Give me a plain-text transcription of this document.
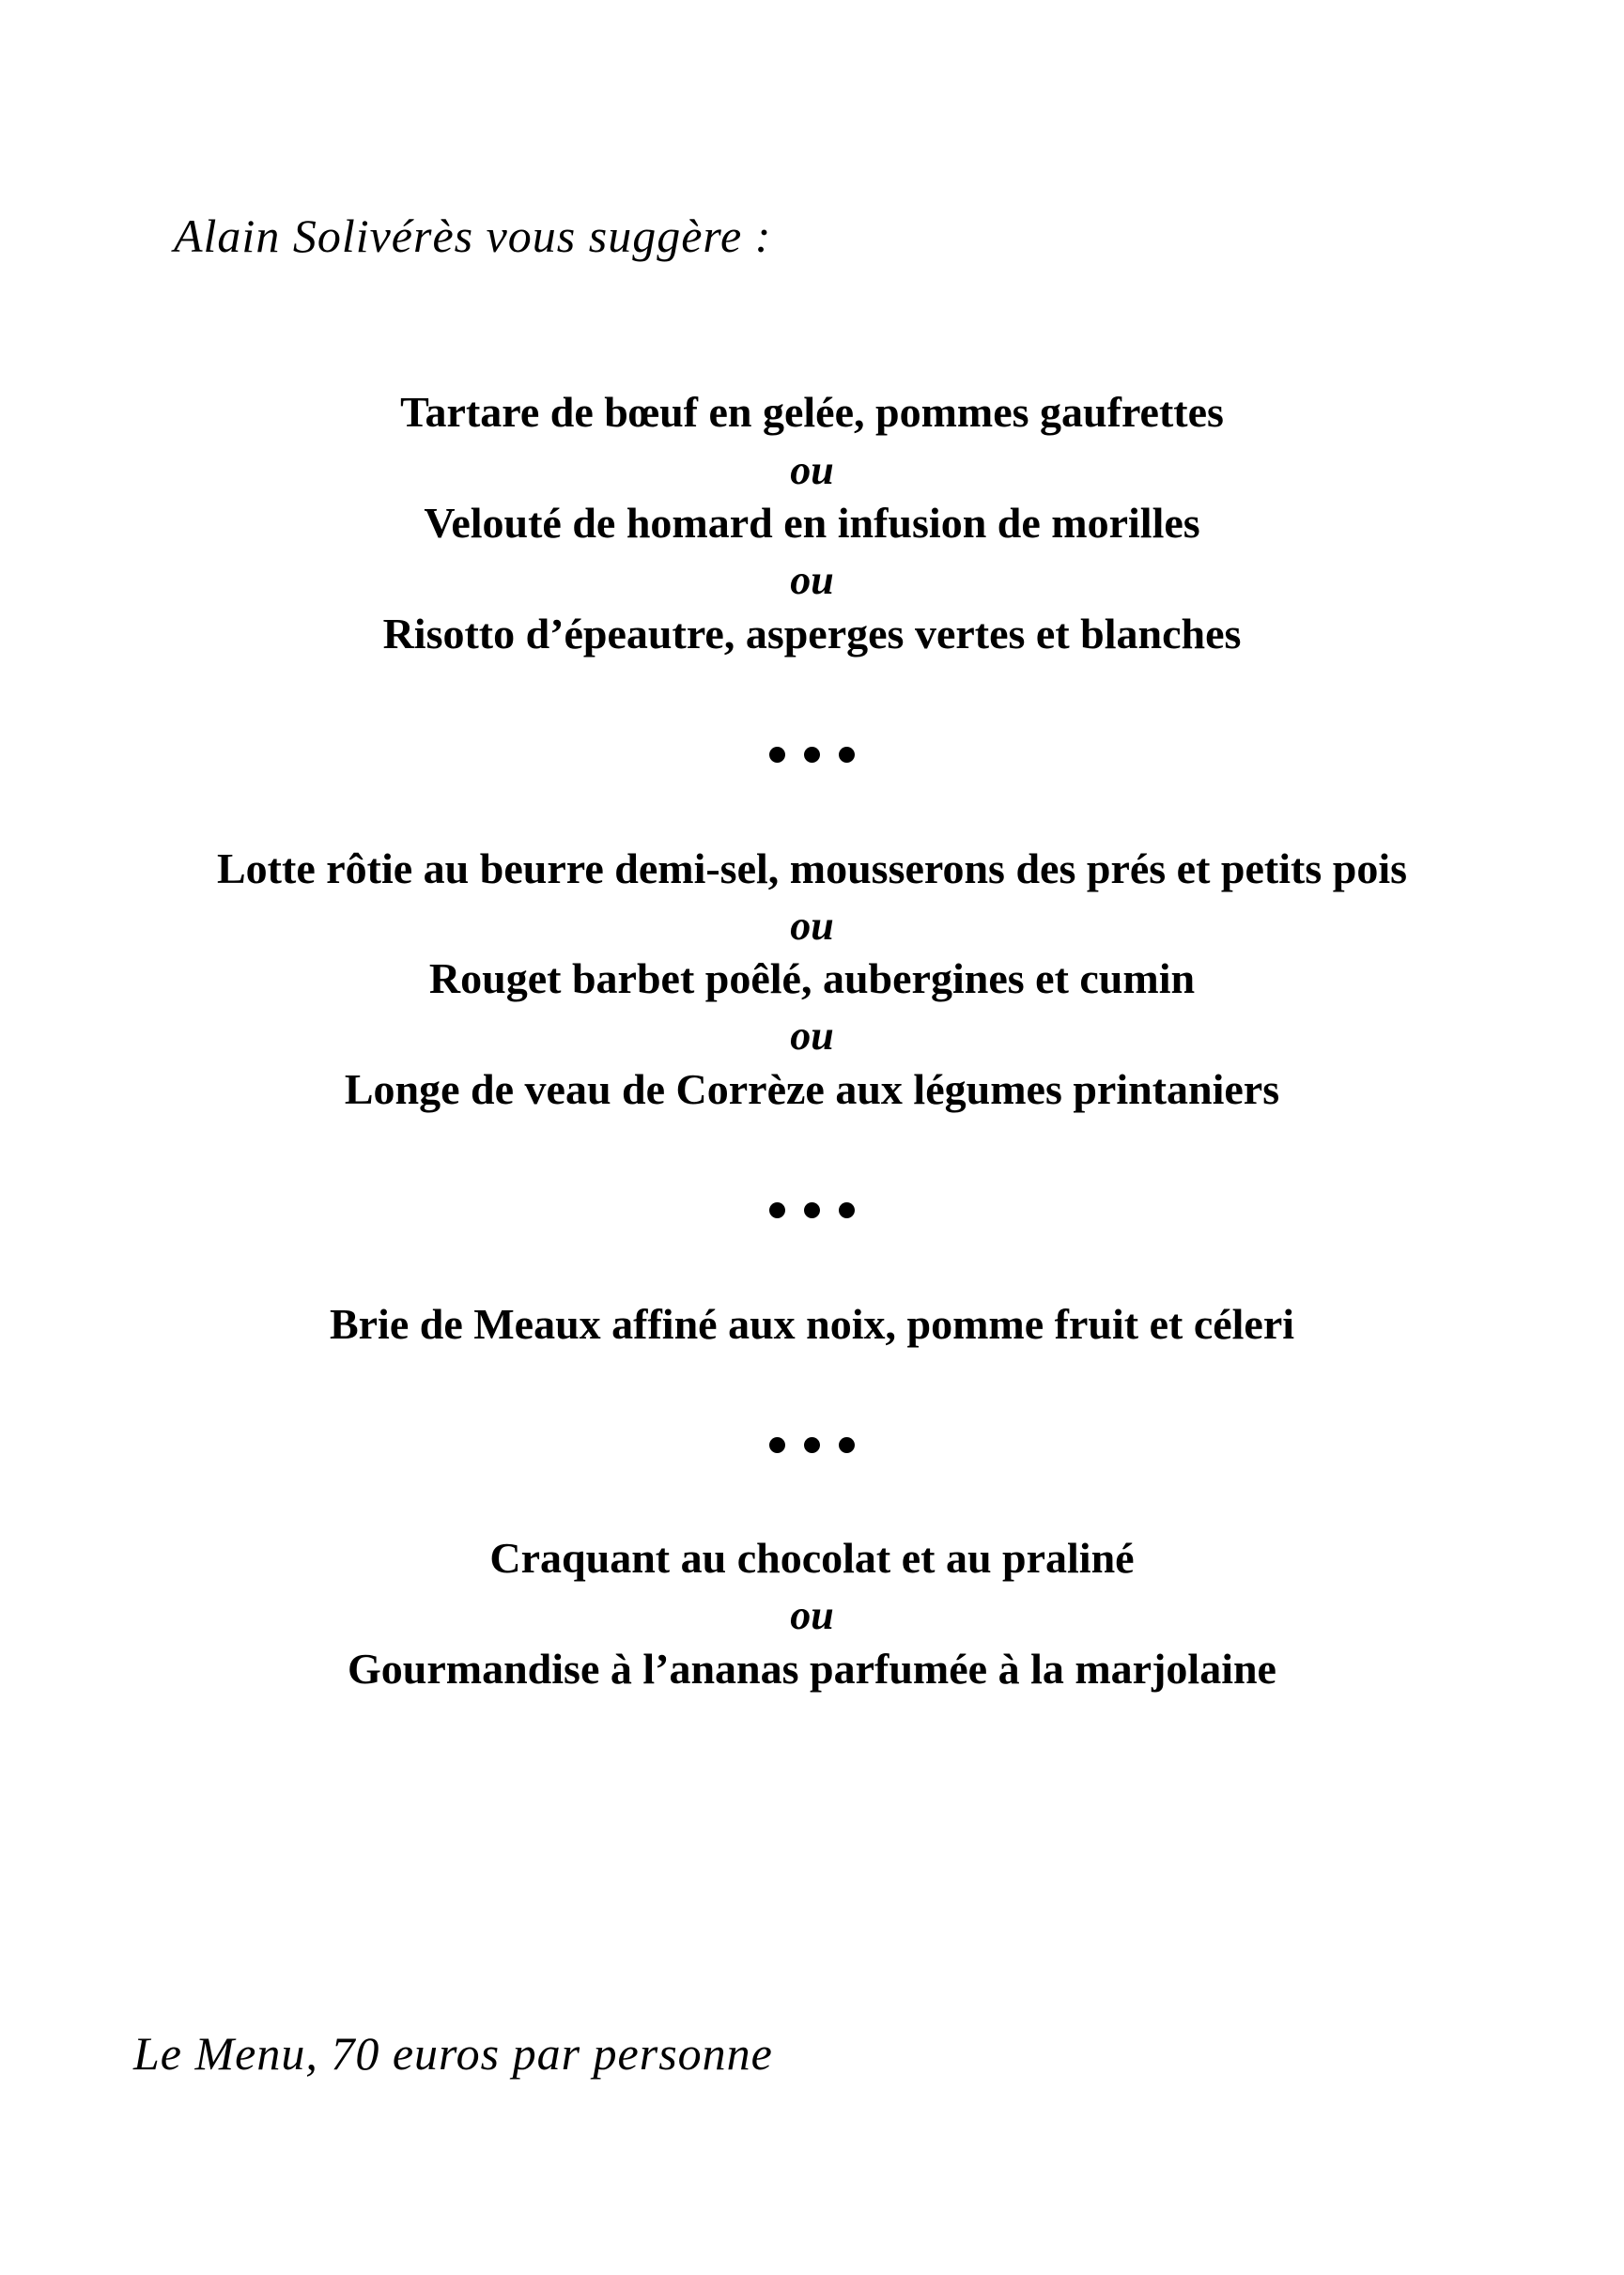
Alain Solivérès vous suggère :
Tartare de bœuf en gelée, pommes gaufrettes
ou
Velouté de homard en infusion de morilles
ou
Risotto d’épeautre, asperges vertes et blanches
Lotte rôtie au beurre demi-sel, mousserons des prés et petits pois
ou
Rouget barbet poêlé, aubergines et cumin
ou
Longe de veau de Corrèze aux légumes printaniers
Brie de Meaux affiné aux noix, pomme fruit et céleri
Craquant au chocolat et au praliné
ou
Gourmandise à l’ananas parfumée à la marjolaine
Le Menu, 70 euros par personne
